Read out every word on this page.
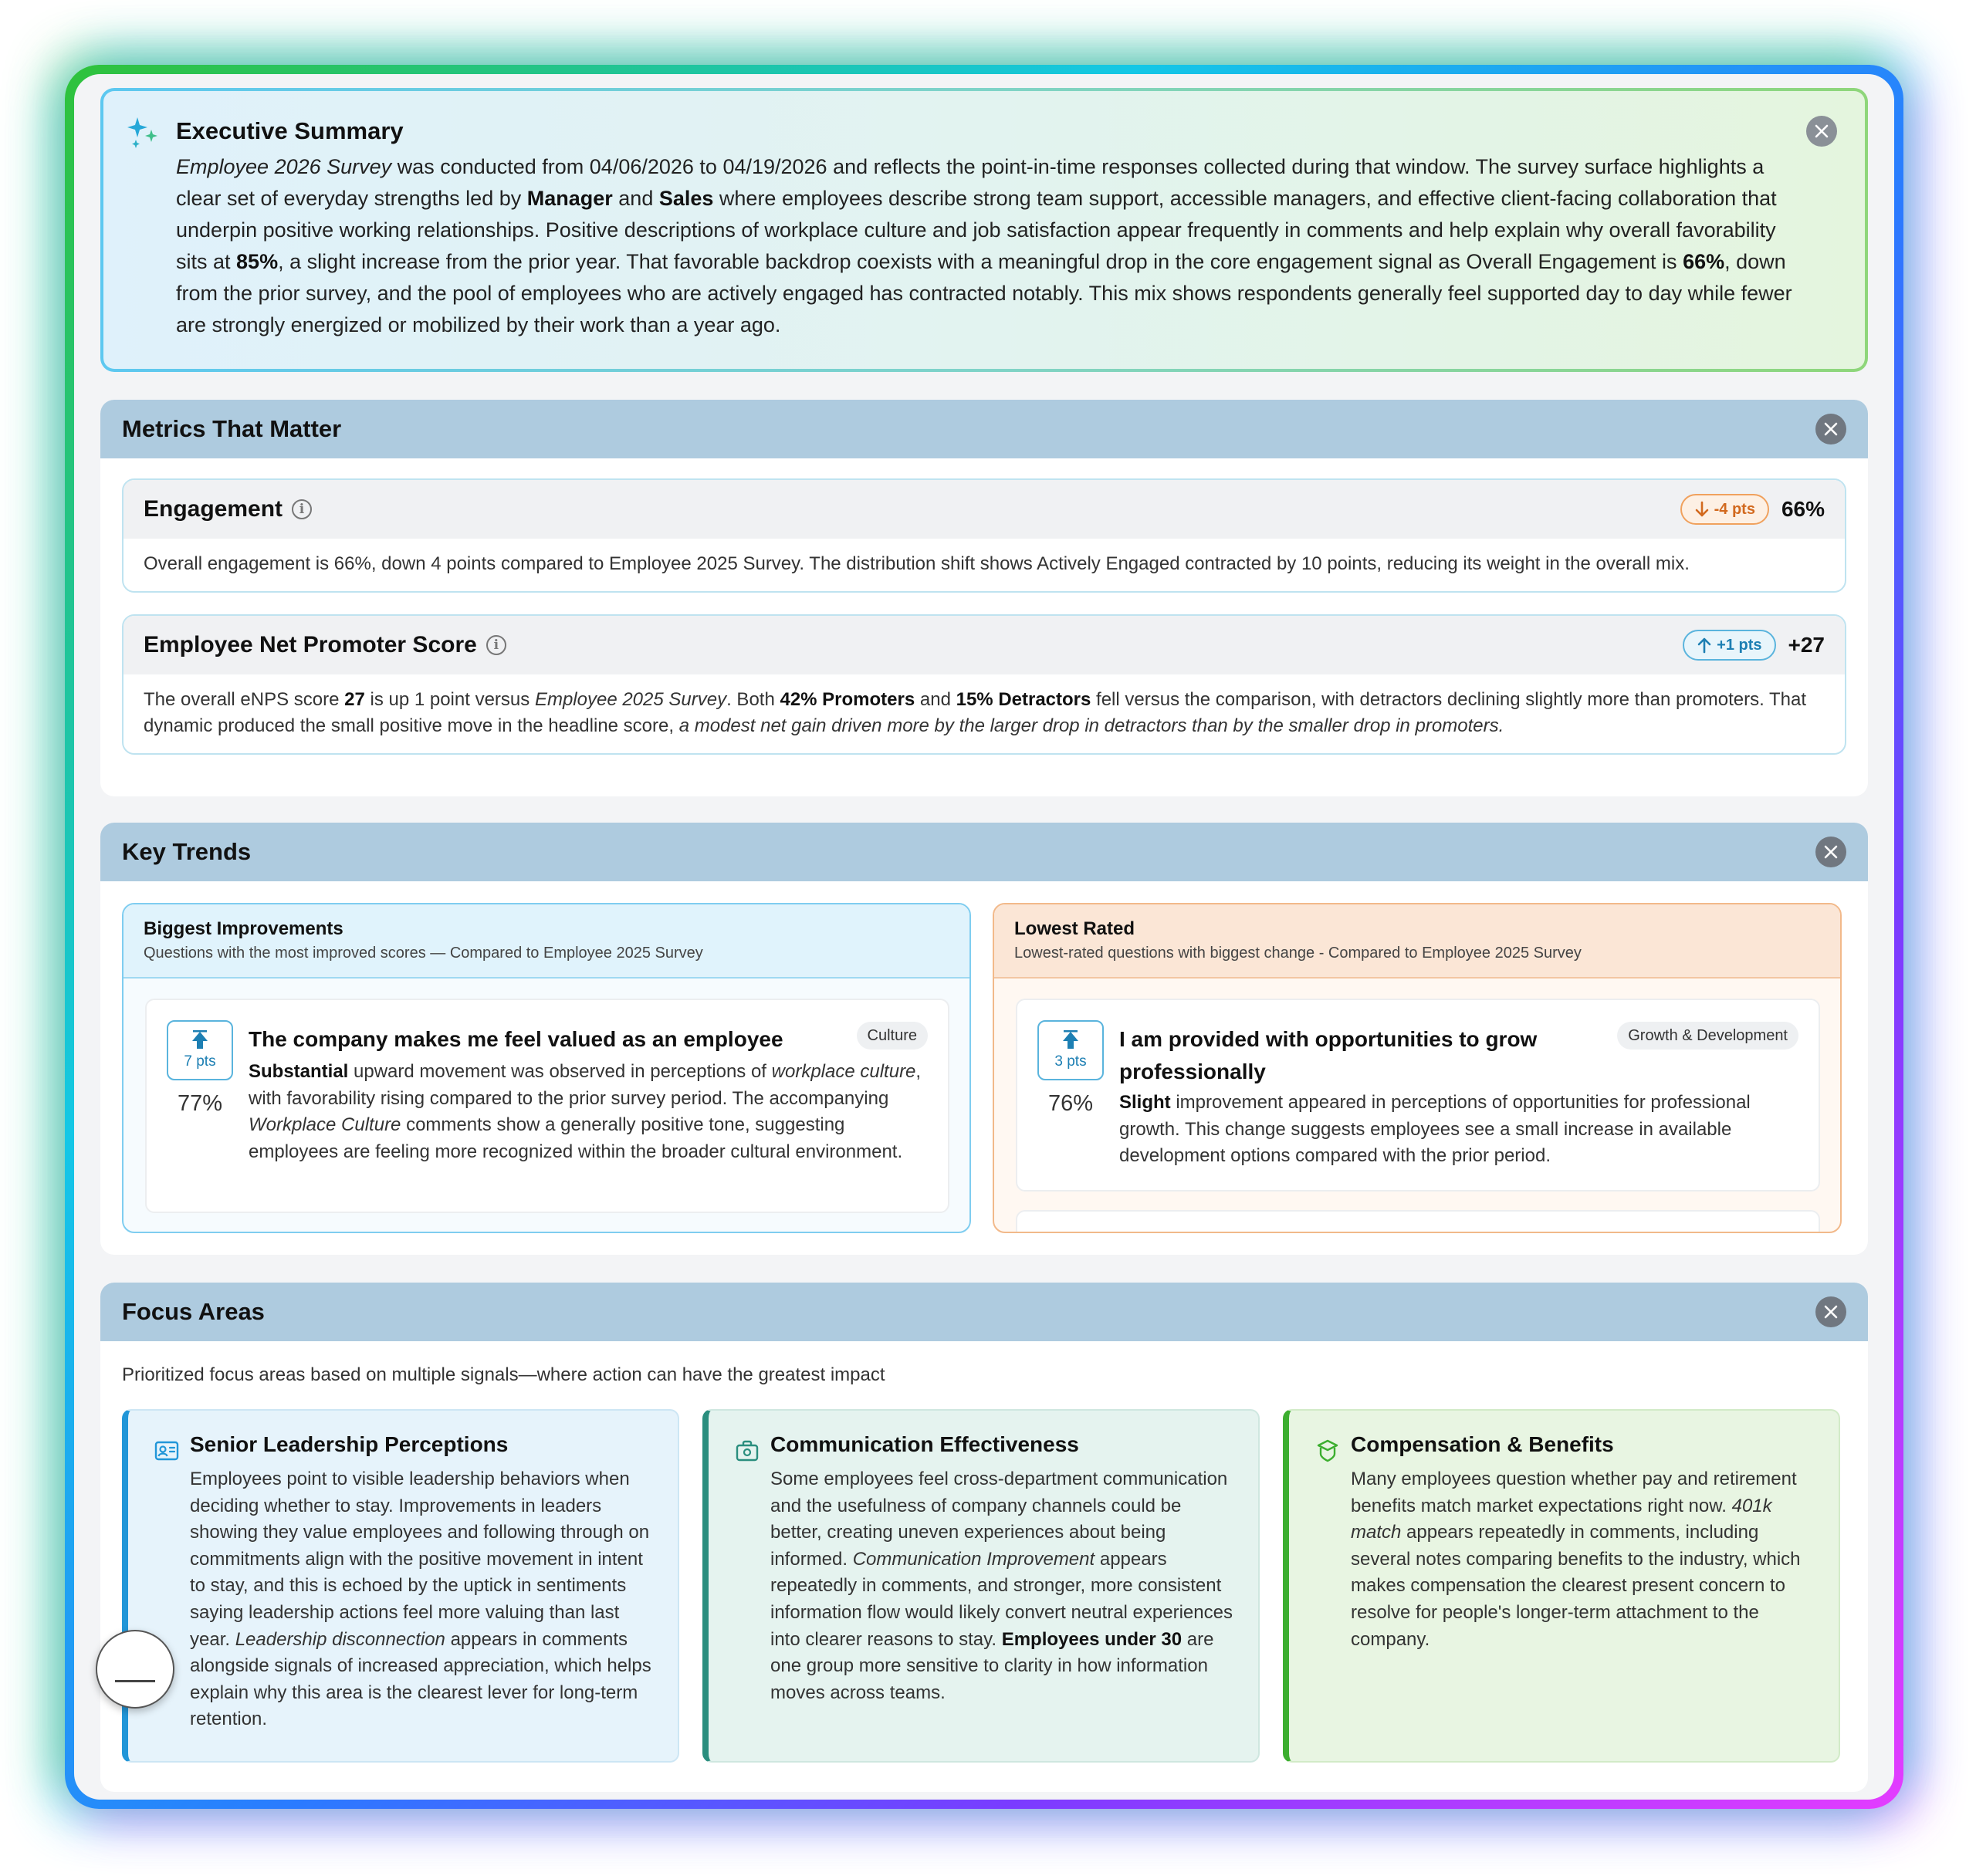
Executive Summary
Employee 2026 Survey was conducted from 04/06/2026 to 04/19/2026 and reflects the point-in-time responses collected during that window. The survey surface highlights a clear set of everyday strengths led by Manager and Sales where employees describe strong team support, accessible managers, and effective client-facing collaboration that underpin positive working relationships. Positive descriptions of workplace culture and job satisfaction appear frequently in comments and help explain why overall favorability sits at 85%, a slight increase from the prior year. That favorable backdrop coexists with a meaningful drop in the core engagement signal as Overall Engagement is 66%, down from the prior survey, and the pool of employees who are actively engaged has contracted notably. This mix shows respondents generally feel supported day to day while fewer are strongly energized or mobilized by their work than a year ago.
Metrics That Matter
Engagement	i	-4 pts 66%
Overall engagement is 66%, down 4 points compared to Employee 2025 Survey. The distribution shift shows Actively Engaged contracted by 10 points, reducing its weight in the overall mix.
Employee Net Promoter Score	i	+1 pts +27
The overall eNPS score 27 is up 1 point versus Employee 2025 Survey. Both 42% Promoters and 15% Detractors fell versus the comparison, with detractors declining slightly more than promoters. That dynamic produced the small positive move in the headline score, a modest net gain driven more by the larger drop in detractors than by the smaller drop in promoters.
Key Trends
Biggest Improvements
Questions with the most improved scores — Compared to Employee 2025 Survey
7 pts
77%
The company makes me feel valued as an employee	Culture
Substantial upward movement was observed in perceptions of workplace culture, with favorability rising compared to the prior survey period. The accompanying Workplace Culture comments show a generally positive tone, suggesting employees are feeling more recognized within the broader cultural environment.
Lowest Rated
Lowest-rated questions with biggest change - Compared to Employee 2025 Survey
3 pts
76%
I am provided with opportunities to grow professionally
Growth & Development
Slight improvement appeared in perceptions of opportunities for professional growth. This change suggests employees see a small increase in available development options compared with the prior period.
Focus Areas
Prioritized focus areas based on multiple signals—where action can have the greatest impact
Senior Leadership Perceptions
Employees point to visible leadership behaviors when deciding whether to stay. Improvements in leaders showing they value employees and following through on commitments align with the positive movement in intent to stay, and this is echoed by the uptick in sentiments saying leadership actions feel more valuing than last year. Leadership disconnection appears in comments alongside signals of increased appreciation, which helps explain why this area is the clearest lever for long-term retention.
Communication Effectiveness
Some employees feel cross-department communication and the usefulness of company channels could be better, creating uneven experiences about being informed. Communication Improvement appears repeatedly in comments, and stronger, more consistent information flow would likely convert neutral experiences into clearer reasons to stay. Employees under 30 are one group more sensitive to clarity in how information moves across teams.
Compensation & Benefits
Many employees question whether pay and retirement benefits match market expectations right now. 401k match appears repeatedly in comments, including several notes comparing benefits to the industry, which makes compensation the clearest present concern to resolve for people's longer-term attachment to the company.
